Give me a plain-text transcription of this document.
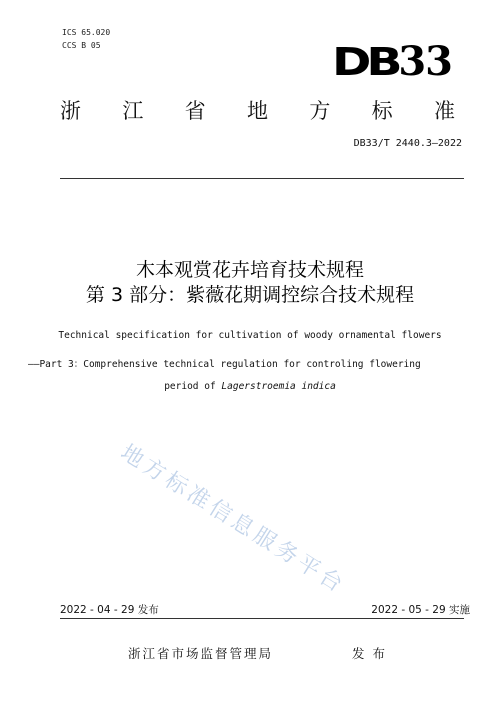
ICS 65.020
CCS B 05	DB33
浙 江 省 地 方 标 准
DB33/T 2440.3—2022
木本观赏花卉培育技术规程
第 3 部分：紫薇花期调控综合技术规程
Technical specification for cultivation of woody ornamental flowers
——Part 3：Comprehensive technical regulation for controling flowering
period of Lagerstroemia indica
地方标准信息服务平台
2022 - 04 - 29 发布	2022 - 05 - 29 实施
浙江省市场监督管理局	发 布
